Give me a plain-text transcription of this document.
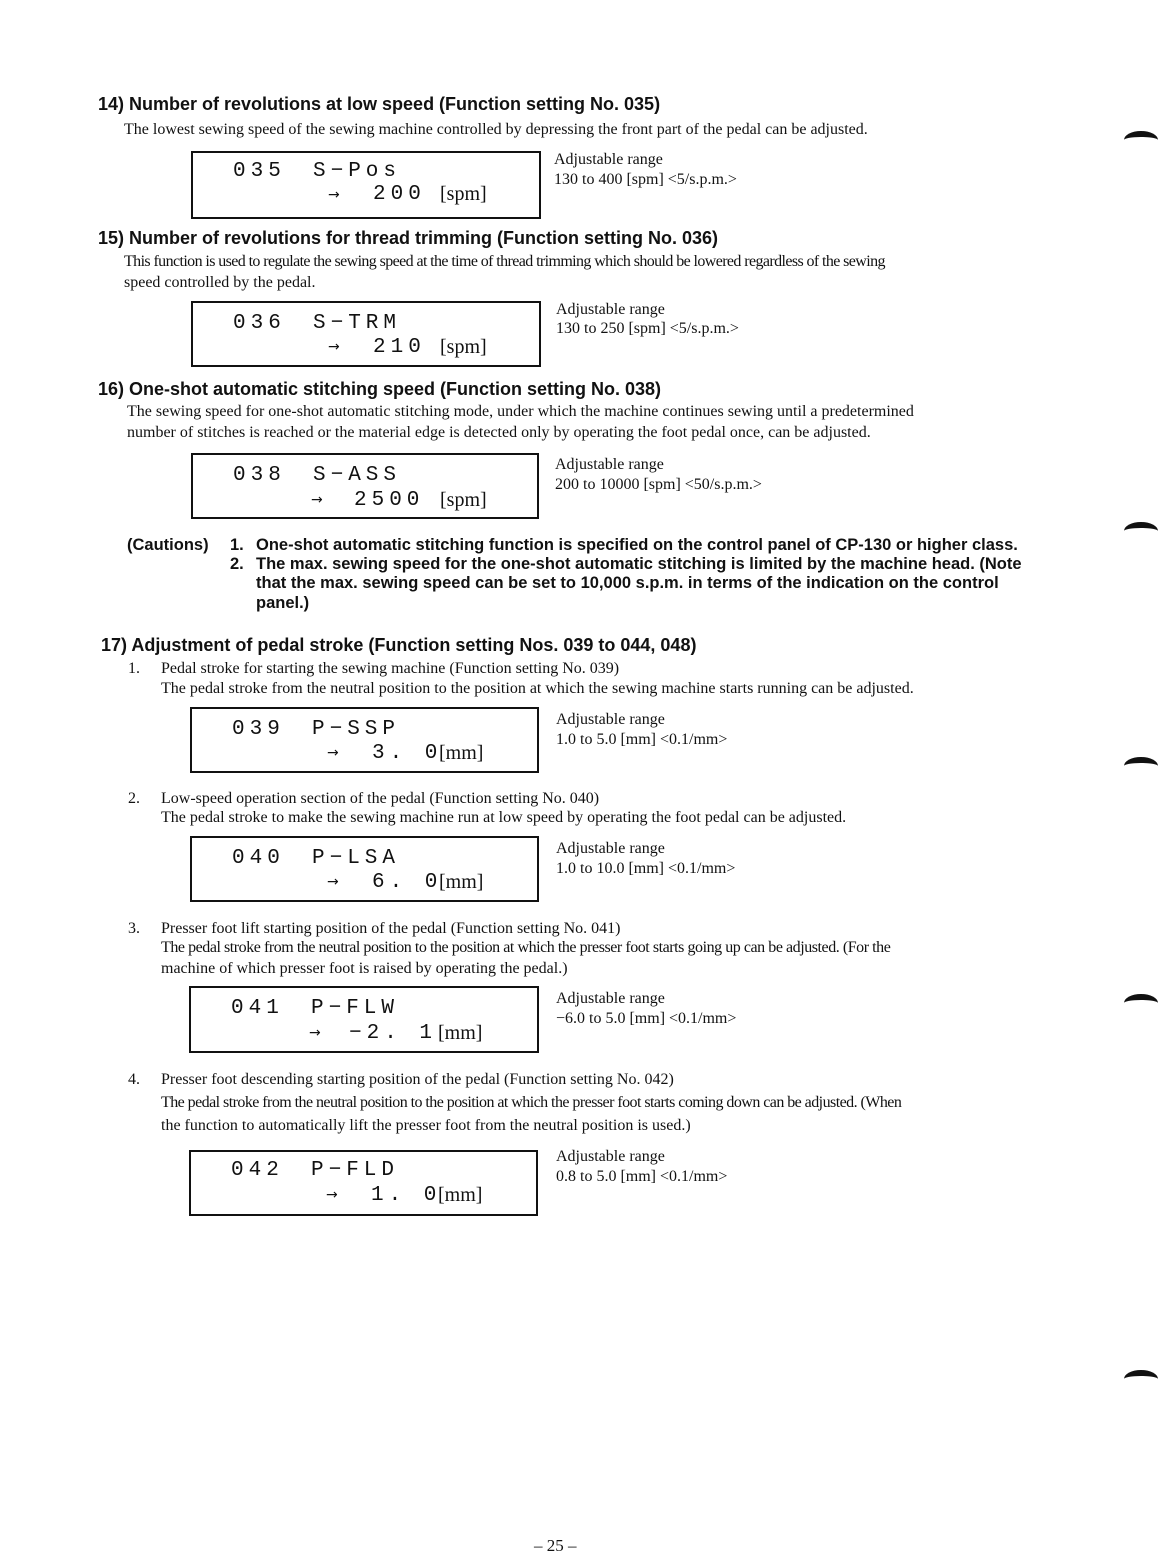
14) Number of revolutions at low speed (Function setting No. 035)
The lowest sewing speed of the sewing machine controlled by depressing the front part of the pedal can be adjusted.
035 S−Pos
→ 200 [spm]
Adjustable range
130 to 400 [spm] <5/s.p.m.>
15) Number of revolutions for thread trimming (Function setting No. 036)
This function is used to regulate the sewing speed at the time of thread trimming which should be lowered regardless of the sewing
speed controlled by the pedal.
036 S−TRM
→ 210 [spm]
Adjustable range
130 to 250 [spm] <5/s.p.m.>
16) One-shot automatic stitching speed (Function setting No. 038)
The sewing speed for one-shot automatic stitching mode, under which the machine continues sewing until a predetermined
number of stitches is reached or the material edge is detected only by operating the foot pedal once, can be adjusted.
038 S−ASS
→ 2500 [spm]
Adjustable range
200 to 10000 [spm] <50/s.p.m.>
(Cautions) 1. One-shot automatic stitching function is specified on the control panel of CP-130 or higher class.
2. The max. sewing speed for the one-shot automatic stitching is limited by the machine head. (Note
that the max. sewing speed can be set to 10,000 s.p.m. in terms of the indication on the control
panel.)
17) Adjustment of pedal stroke (Function setting Nos. 039 to 044, 048)
1. Pedal stroke for starting the sewing machine (Function setting No. 039)
The pedal stroke from the neutral position to the position at which the sewing machine starts running can be adjusted.
039 P−SSP
→ 3. 0
[mm]
Adjustable range
1.0 to 5.0 [mm] <0.1/mm>
2. Low-speed operation section of the pedal (Function setting No. 040)
The pedal stroke to make the sewing machine run at low speed by operating the foot pedal can be adjusted.
040 P−LSA
→ 6. 0
[mm]
Adjustable range
1.0 to 10.0 [mm] <0.1/mm>
3. Presser foot lift starting position of the pedal (Function setting No. 041)
The pedal stroke from the neutral position to the position at which the presser foot starts going up can be adjusted. (For the
machine of which presser foot is raised by operating the pedal.)
041 P−FLW
→ −2. 1 [mm]
Adjustable range
−6.0 to 5.0 [mm] <0.1/mm>
4. Presser foot descending starting position of the pedal (Function setting No. 042)
The pedal stroke from the neutral position to the position at which the presser foot starts coming down can be adjusted. (When
the function to automatically lift the presser foot from the neutral position is used.)
042 P−FLD
→ 1. 0
[mm]
Adjustable range
0.8 to 5.0 [mm] <0.1/mm>
– 25 –
